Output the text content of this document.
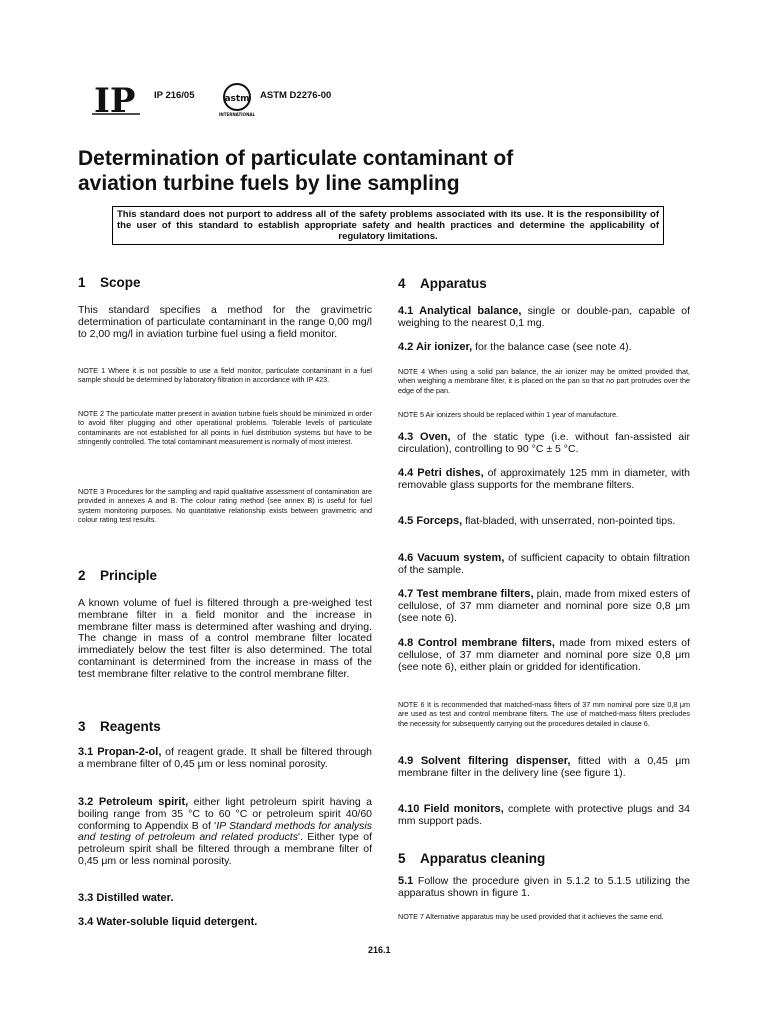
IP IP 216/05	astm
INTERNATIONAL
ASTM D2276-00
Determination of particulate contaminant of
aviation turbine fuels by line sampling
This standard does not purport to address all of the safety problems associated with its use. It is the responsibility of the user of this standard to establish appropriate safety and health practices and determine the applicability of regulatory limitations.
1 Scope
This standard specifies a method for the gravimetric determination of particulate contaminant in the range 0,00 mg/l to 2,00 mg/l in aviation turbine fuel using a field monitor.
NOTE 1 Where it is not possible to use a field monitor, particulate contaminant in a fuel sample should be determined by laboratory filtration in accordance with IP 423.
NOTE 2 The particulate matter present in aviation turbine fuels should be minimized in order to avoid filter plugging and other operational problems. Tolerable levels of particulate contaminants are not established for all points in fuel distribution systems but have to be stringently controlled. The total contaminant measurement is normally of most interest.
NOTE 3 Procedures for the sampling and rapid qualitative assessment of contamination are provided in annexes A and B. The colour rating method (see annex B) is useful for fuel system monitoring purposes. No quantitative relationship exists between gravimetric and colour rating test results.
2 Principle
A known volume of fuel is filtered through a pre-weighed test membrane filter in a field monitor and the increase in membrane filter mass is determined after washing and drying. The change in mass of a control membrane filter located immediately below the test filter is also determined. The total contaminant is determined from the increase in mass of the test membrane filter relative to the control membrane filter.
3 Reagents
3.1 Propan-2-ol, of reagent grade. It shall be filtered through a membrane filter of 0,45 μm or less nominal porosity.
3.2 Petroleum spirit, either light petroleum spirit having a boiling range from 35 °C to 60 °C or petroleum spirit 40/60 conforming to Appendix B of 'IP Standard methods for analysis and testing of petroleum and related products'. Either type of petroleum spirit shall be filtered through a membrane filter of 0,45 μm or less nominal porosity.
3.3 Distilled water.
3.4 Water-soluble liquid detergent.
4 Apparatus
4.1 Analytical balance, single or double-pan, capable of weighing to the nearest 0,1 mg.
4.2 Air ionizer, for the balance case (see note 4).
NOTE 4 When using a solid pan balance, the air ionizer may be omitted provided that, when weighing a membrane filter, it is placed on the pan so that no part protrudes over the edge of the pan.
NOTE 5 Air ionizers should be replaced within 1 year of manufacture.
4.3 Oven, of the static type (i.e. without fan-assisted air circulation), controlling to 90 °C ± 5 °C.
4.4 Petri dishes, of approximately 125 mm in diameter, with removable glass supports for the membrane filters.
4.5 Forceps, flat-bladed, with unserrated, non-pointed tips.
4.6 Vacuum system, of sufficient capacity to obtain filtration of the sample.
4.7 Test membrane filters, plain, made from mixed esters of cellulose, of 37 mm diameter and nominal pore size 0,8 μm (see note 6).
4.8 Control membrane filters, made from mixed esters of cellulose, of 37 mm diameter and nominal pore size 0,8 μm (see note 6), either plain or gridded for identification.
NOTE 6 It is recommended that matched-mass filters of 37 mm nominal pore size 0,8 μm are used as test and control membrane filters. The use of matched-mass filters precludes the necessity for subsequently carrying out the procedures detailed in clause 6.
4.9 Solvent filtering dispenser, fitted with a 0,45 μm membrane filter in the delivery line (see figure 1).
4.10 Field monitors, complete with protective plugs and 34 mm support pads.
5 Apparatus cleaning
5.1 Follow the procedure given in 5.1.2 to 5.1.5 utilizing the apparatus shown in figure 1.
NOTE 7 Alternative apparatus may be used provided that it achieves the same end.
216.1
